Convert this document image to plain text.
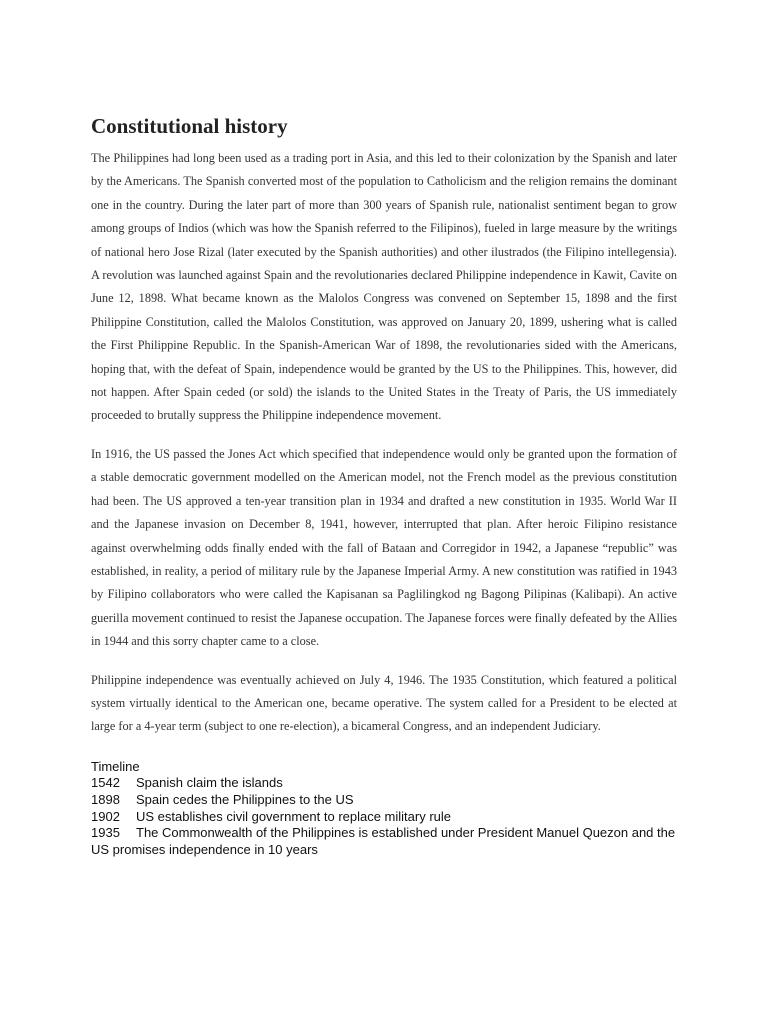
Constitutional history

The Philippines had long been used as a trading port in Asia, and this led to their colonization by the Spanish and later by the Americans. The Spanish converted most of the population to Catholicism and the religion remains the dominant one in the country. During the later part of more than 300 years of Spanish rule, nationalist sentiment began to grow among groups of Indios (which was how the Spanish referred to the Filipinos), fueled in large measure by the writings of national hero Jose Rizal (later executed by the Spanish authorities) and other ilustrados (the Filipino intellegensia). A revolution was launched against Spain and the revolutionaries declared Philippine independence in Kawit, Cavite on June 12, 1898. What became known as the Malolos Congress was convened on September 15, 1898 and the first Philippine Constitution, called the Malolos Constitution, was approved on January 20, 1899, ushering what is called the First Philippine Republic. In the Spanish-American War of 1898, the revolutionaries sided with the Americans, hoping that, with the defeat of Spain, independence would be granted by the US to the Philippines. This, however, did not happen. After Spain ceded (or sold) the islands to the United States in the Treaty of Paris, the US immediately proceeded to brutally suppress the Philippine independence movement.

In 1916, the US passed the Jones Act which specified that independence would only be granted upon the formation of a stable democratic government modelled on the American model, not the French model as the previous constitution had been. The US approved a ten-year transition plan in 1934 and drafted a new constitution in 1935. World War II and the Japanese invasion on December 8, 1941, however, interrupted that plan. After heroic Filipino resistance against overwhelming odds finally ended with the fall of Bataan and Corregidor in 1942, a Japanese “republic” was established, in reality, a period of military rule by the Japanese Imperial Army. A new constitution was ratified in 1943 by Filipino collaborators who were called the Kapisanan sa Paglilingkod ng Bagong Pilipinas (Kalibapi). An active guerilla movement continued to resist the Japanese occupation. The Japanese forces were finally defeated by the Allies in 1944 and this sorry chapter came to a close.

Philippine independence was eventually achieved on July 4, 1946. The 1935 Constitution, which featured a political system virtually identical to the American one, became operative. The system called for a President to be elected at large for a 4-year term (subject to one re-election), a bicameral Congress, and an independent Judiciary.

Timeline
1542 Spanish claim the islands
1898 Spain cedes the Philippines to the US
1902 US establishes civil government to replace military rule
1935 The Commonwealth of the Philippines is established under President Manuel Quezon and the US promises independence in 10 years
